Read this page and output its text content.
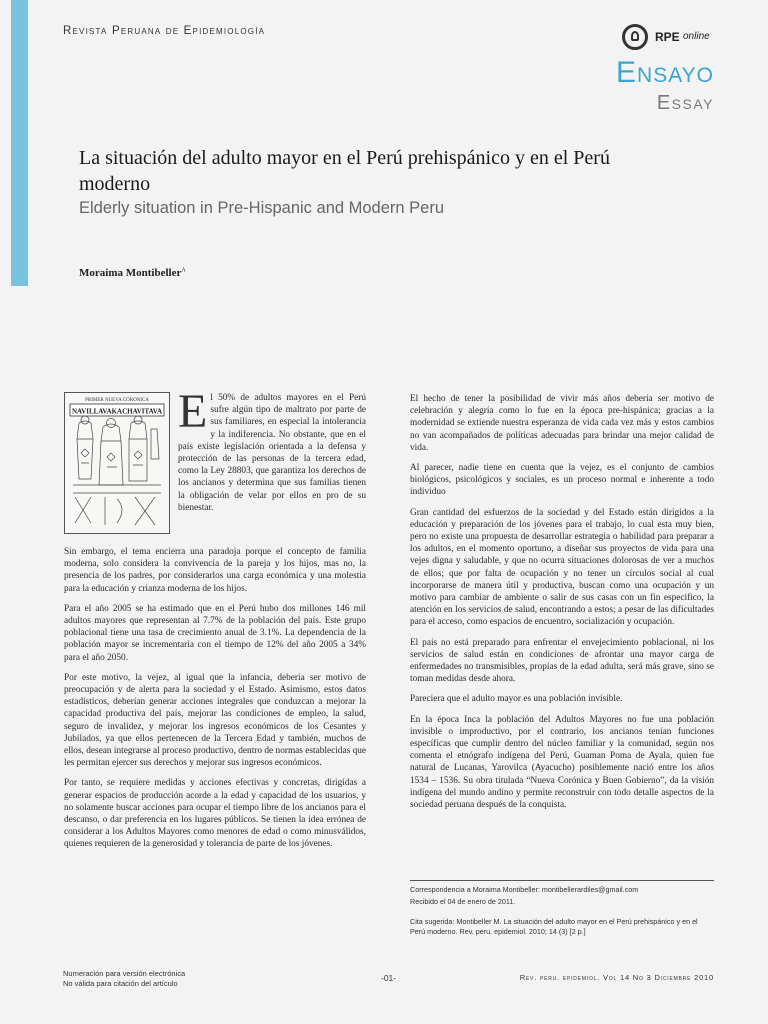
Revista Peruana de Epidemiología	RPE online
Ensayo
Essay
La situación del adulto mayor en el Perú prehispánico y en el Perú moderno
Elderly situation in Pre-Hispanic and Modern Peru
Moraima Montibeller$^A$
PRIMER NUEVA CORONICA
NAVILLAVAKACHAVITAVA El 50% de adultos mayores en el Perú sufre algún tipo de maltrato por parte de sus familiares, en especial la intolerancia y la indiferencia. No obstante, que en el país existe legislación orientada a la defensa y protección de las personas de la tercera edad, como la Ley 28803, que garantiza los derechos de los ancianos y determina que sus familias tienen la obligación de velar por ellos en pro de su bienestar.

Sin embargo, el tema encierra una paradoja porque el concepto de familia moderna, solo considera la convivencia de la pareja y los hijos, mas no, la presencia de los padres, por considerarlos una carga económica y una molestia para la educación y crianza moderna de los hijos.

Para el año 2005 se ha estimado que en el Perú hubo dos millones 146 mil adultos mayores que representan al 7.7% de la población del país. Este grupo poblacional tiene una tasa de crecimiento anual de 3.1%. La dependencia de la población mayor se incrementaría con el tiempo de 12% del año 2005 a 34% para el año 2050.

Por este motivo, la vejez, al igual que la infancia, debería ser motivo de preocupación y de alerta para la sociedad y el Estado. Asimismo, estos datos estadísticos, deberían generar acciones integrales que conduzcan a mejorar la capacidad productiva del país, mejorar las condiciones de empleo, la salud, seguro de invalidez, y mejorar los ingresos económicos de los Cesantes y Jubilados, ya que ellos pertenecen de la Tercera Edad y también, muchos de ellos, desean integrarse al proceso productivo, dentro de normas establecidas que les permitan ejercer sus derechos y mejorar sus ingresos económicos.

Por tanto, se requiere medidas y acciones efectivas y concretas, dirigidas a generar espacios de producción acorde a la edad y capacidad de los usuarios, y no solamente buscar acciones para ocupar el tiempo libre de los ancianos para el descanso, o dar preferencia en los lugares públicos. Se tienen la idea errónea de considerar a los Adultos Mayores como menores de edad o como minusválidos, quienes requieren de la generosidad y tolerancia de parte de los jóvenes.

El hecho de tener la posibilidad de vivir más años debería ser motivo de celebración y alegría como lo fue en la época pre-hispánica; gracias a la modernidad se extiende nuestra esperanza de vida cada vez más y estos cambios no van acompañados de políticas adecuadas para brindar una mejor calidad de vida.

Al parecer, nadie tiene en cuenta que la vejez, es el conjunto de cambios biológicos, psicológicos y sociales, es un proceso normal e inherente a todo individuo

Gran cantidad del esfuerzos de la sociedad y del Estado están dirigidos a la educación y preparación de los jóvenes para el trabajo, lo cual esta muy bien, pero no existe una propuesta de desarrollar estrategia o habilidad para preparar a los adultos, en el momento oportuno, a diseñar sus proyectos de vida para una vejes digna y saludable, y que no ocurra situaciones dolorosas de ver a muchos de ellos; que por falta de ocupación y no tener un círculos social al cual incorporarse de manera útil y productiva, buscan como una ocupación y un motivo para cambiar de ambiente o salir de sus casas con un fin especifico, la atención en los servicios de salud, encontrando a estos; a pesar de las dificultades para el acceso, como espacios de encuentro, socialización y ocupación.

El país no está preparado para enfrentar el envejecimiento poblacional, ni los servicios de salud están en condiciones de afrontar una mayor carga de enfermedades no transmisibles, propias de la edad adulta, será más grave, sino se toman medidas desde ahora.

Pareciera que el adulto mayor es una población invisible.

En la época Inca la población del Adultos Mayores no fue una población invisible o improductivo, por el contrario, los ancianos tenían funciones específicas que cumplir dentro del núcleo familiar y la comunidad, según nos comenta el etnógrafo indígena del Perú, Guaman Poma de Ayala, quien fue natural de Lucanas, Yarovilca (Ayacucho) posiblemente nació entre los años 1534 – 1536. Su obra titulada “Nueva Corónica y Buen Gobierno”, da la visión indígena del mundo andino y permite reconstruir con todo detalle aspectos de la sociedad peruana después de la conquista.

Correspondencia a Moraima Montibeller: montibellerardiles@gmail.com
Recibido el 04 de enero de 2011.
Cita sugerida: Montibeller M. La situación del adulto mayor en el Perú prehispánico y en el Perú moderno. Rev. peru. epidemiol. 2010; 14 (3) [2 p.]
Numeración para versión electrónica
No válida para citación del artículo
-01-	Rev. peru. epidemiol. Vol 14 No 3 Diciembre 2010
